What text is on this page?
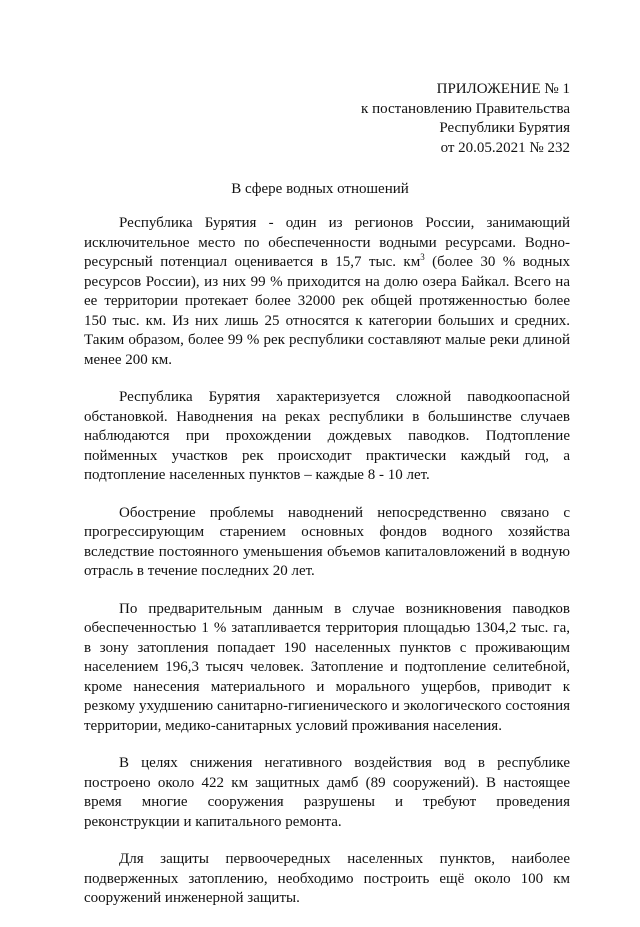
ПРИЛОЖЕНИЕ № 1
к постановлению Правительства
Республики Бурятия
от 20.05.2021 № 232
В сфере водных отношений

Республика Бурятия - один из регионов России, занимающий исключительное место по обеспеченности водными ресурсами. Водно-ресурсный потенциал оценивается в 15,7 тыс. $км^3$ (более 30 % водных ресурсов России), из них 99 % приходится на долю озера Байкал. Всего на ее территории протекает более 32000 рек общей протяженностью более 150 тыс. км. Из них лишь 25 относятся к категории больших и средних. Таким образом, более 99 % рек республики составляют малые реки длиной менее 200 км.

Республика Бурятия характеризуется сложной паводкоопасной обстановкой. Наводнения на реках республики в большинстве случаев наблюдаются при прохождении дождевых паводков. Подтопление пойменных участков рек происходит практически каждый год, а подтопление населенных пунктов – каждые 8 - 10 лет.

Обострение проблемы наводнений непосредственно связано с прогрессирующим старением основных фондов водного хозяйства вследствие постоянного уменьшения объемов капиталовложений в водную отрасль в течение последних 20 лет.

По предварительным данным в случае возникновения паводков обеспеченностью 1 % затапливается территория площадью 1304,2 тыс. га, в зону затопления попадает 190 населенных пунктов с проживающим населением 196,3 тысяч человек. Затопление и подтопление селитебной, кроме нанесения материального и морального ущербов, приводит к резкому ухудшению санитарно-гигиенического и экологического состояния территории, медико-санитарных условий проживания населения.

В целях снижения негативного воздействия вод в республике построено около 422 км защитных дамб (89 сооружений). В настоящее время многие сооружения разрушены и требуют проведения реконструкции и капитального ремонта.

Для защиты первоочередных населенных пунктов, наиболее подверженных затоплению, необходимо построить ещё около 100 км сооружений инженерной защиты.
